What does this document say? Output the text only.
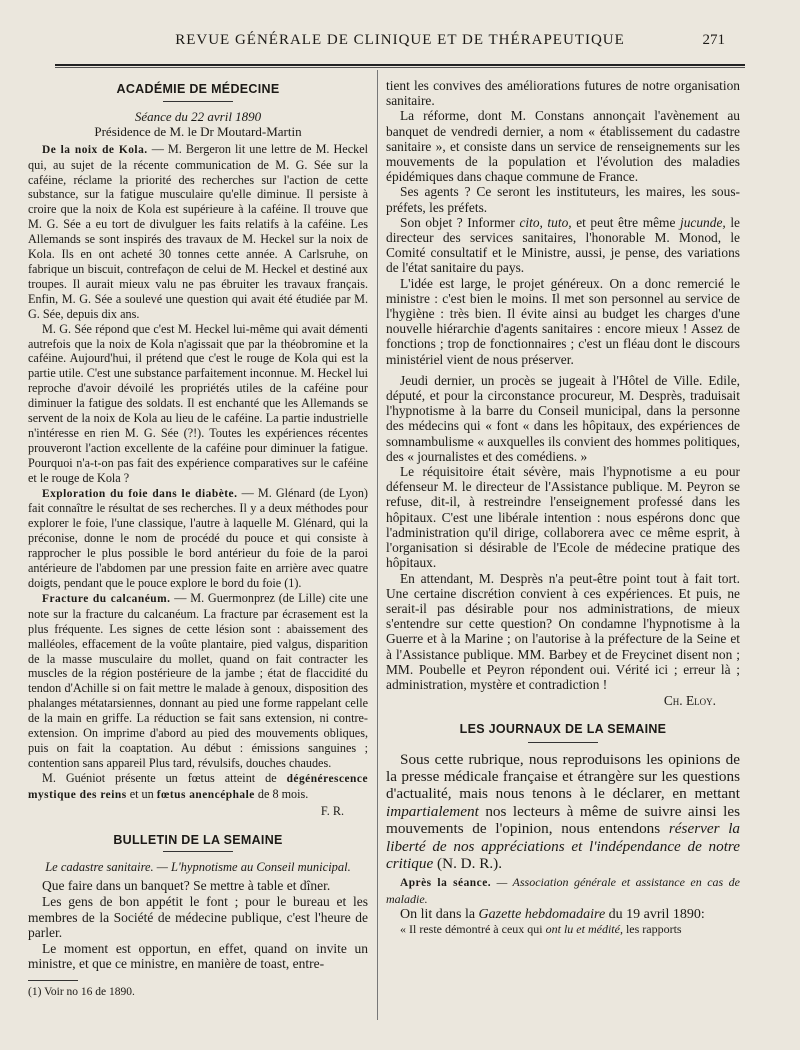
REVUE GÉNÉRALE DE CLINIQUE ET DE THÉRAPEUTIQUE	271
ACADÉMIE DE MÉDECINE
Séance du 22 avril 1890
Présidence de M. le Dr Moutard-Martin

De la noix de Kola. — M. Bergeron lit une lettre de M. Heckel qui, au sujet de la récente communication de M. G. Sée sur la caféine, réclame la priorité des recherches sur l'action de cette substance, sur la fatigue musculaire qu'elle diminue. Il persiste à croire que la noix de Kola est supérieure à la caféine. Il trouve que M. G. Sée a eu tort de divulguer les faits relatifs à la caféine. Les Allemands se sont inspirés des travaux de M. Heckel sur la noix de Kola. Ils en ont acheté 30 tonnes cette année. A Carlsruhe, on fabrique un biscuit, contrefaçon de celui de M. Heckel et destiné aux troupes. Il aurait mieux valu ne pas ébruiter les travaux français. Enfin, M. G. Sée a soulevé une question qui avait été étudiée par M. G. Sée, depuis dix ans.

M. G. Sée répond que c'est M. Heckel lui-même qui avait démenti autrefois que la noix de Kola n'agissait que par la théobromine et la caféine. Aujourd'hui, il prétend que c'est le rouge de Kola qui est la partie utile. C'est une substance parfaitement inconnue. M. Heckel lui reproche d'avoir dévoilé les propriétés utiles de la caféine pour diminuer la fatigue des soldats. Il est enchanté que les Allemands se servent de la noix de Kola au lieu de le caféine. La partie industrielle n'intéresse en rien M. G. Sée (?!). Toutes les expériences récentes prouveront l'action excellente de la caféine pour diminuer la fatigue. Pourquoi n'a-t-on pas fait des expérience comparatives sur le caféine et le rouge de Kola ?

Exploration du foie dans le diabète. — M. Glénard (de Lyon) fait connaître le résultat de ses recherches. Il y a deux méthodes pour explorer le foie, l'une classique, l'autre à laquelle M. Glénard, qui la préconise, donne le nom de procédé du pouce et qui consiste à rapprocher le plus possible le bord antérieur du foie de la paroi antérieure de l'abdomen par une pression faite en arrière avec quatre doigts, pendant que le pouce explore le bord du foie (1).

Fracture du calcanéum. — M. Guermonprez (de Lille) cite une note sur la fracture du calcanéum. La fracture par écrasement est la plus fréquente. Les signes de cette lésion sont : abaissement des malléoles, effacement de la voûte plantaire, pied valgus, disparition de la masse musculaire du mollet, quand on fait contracter les muscles de la région postérieure de la jambe ; état de flaccidité du tendon d'Achille si on fait mettre le malade à genoux, disposition des phalanges métatarsiennes, donnant au pied une forme rappelant celle de la main en griffe. La réduction se fait sans extension, ni contre-extension. On imprime d'abord au pied des mouvements obliques, puis on fait la coaptation. Au début : émissions sanguines ; contention sans appareil Plus tard, révulsifs, douches chaudes.

M. Guéniot présente un fœtus atteint de dégénérescence mystique des reins et un fœtus anencéphale de 8 mois.

F. R.
BULLETIN DE LA SEMAINE
Le cadastre sanitaire. — L'hypnotisme au Conseil municipal.

Que faire dans un banquet? Se mettre à table et dîner.

Les gens de bon appétit le font ; pour le bureau et les membres de la Société de médecine publique, c'est l'heure de parler.

Le moment est opportun, en effet, quand on invite un ministre, et que ce ministre, en manière de toast, entre-

(1) Voir no 16 de 1890.

tient les convives des améliorations futures de notre organisation sanitaire.

La réforme, dont M. Constans annonçait l'avènement au banquet de vendredi dernier, a nom « établissement du cadastre sanitaire », et consiste dans un service de renseignements sur les mouvements de la population et l'évolution des maladies épidémiques dans chaque commune de France.

Ses agents ? Ce seront les instituteurs, les maires, les sous-préfets, les préfets.

Son objet ? Informer cito, tuto, et peut être même jucunde, le directeur des services sanitaires, l'honorable M. Monod, le Comité consultatif et le Ministre, aussi, je pense, des variations de l'état sanitaire du pays.

L'idée est large, le projet généreux. On a donc remercié le ministre : c'est bien le moins. Il met son personnel au service de l'hygiène : très bien. Il évite ainsi au budget les charges d'une nouvelle hiérarchie d'agents sanitaires : encore mieux ! Assez de fonctions ; trop de fonctionnaires ; c'est un fléau dont le discours ministériel vient de nous préserver.

Jeudi dernier, un procès se jugeait à l'Hôtel de Ville. Edile, député, et pour la circonstance procureur, M. Desprès, traduisait l'hypnotisme à la barre du Conseil municipal, dans la personne des médecins qui « font « dans les hôpitaux, des expériences de somnambulisme « auxquelles ils convient des hommes politiques, des « journalistes et des comédiens. »

Le réquisitoire était sévère, mais l'hypnotisme a eu pour défenseur M. le directeur de l'Assistance publique. M. Peyron se refuse, dit-il, à restreindre l'enseignement professé dans les hôpitaux. C'est une libérale intention : nous espérons donc que l'administration qu'il dirige, collaborera avec ce même esprit, à l'organisation si désirable de l'Ecole de médecine pratique des hôpitaux.

En attendant, M. Desprès n'a peut-être point tout à fait tort. Une certaine discrétion convient à ces expériences. Et puis, ne serait-il pas désirable pour nos administrations, de mieux s'entendre sur cette question? On condamne l'hypnotisme à la Guerre et à la Marine ; on l'autorise à la préfecture de la Seine et à l'Assistance publique. MM. Barbey et de Freycinet disent non ; MM. Poubelle et Peyron répondent oui. Vérité ici ; erreur là ; administration, mystère et contradiction !

Ch. Eloy.
LES JOURNAUX DE LA SEMAINE

Sous cette rubrique, nous reproduisons les opinions de la presse médicale française et étrangère sur les questions d'actualité, mais nous tenons à le déclarer, en mettant impartialement nos lecteurs à même de suivre ainsi les mouvements de l'opinion, nous entendons réserver la liberté de nos appréciations et l'indépendance de notre critique (N. D. R.).

Après la séance. — Association générale et assistance en cas de maladie.

On lit dans la Gazette hebdomadaire du 19 avril 1890:

« Il reste démontré à ceux qui ont lu et médité, les rapports
